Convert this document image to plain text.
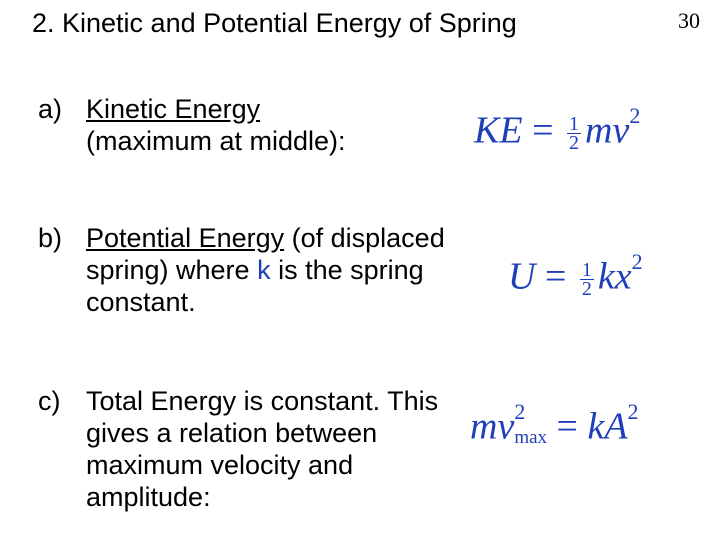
2. Kinetic and Potential Energy of Spring	30
a) Kinetic Energy
(maximum at middle):
b) Potential Energy (of displaced spring) where k is the spring constant.
c) Total Energy is constant. This gives a relation between maximum velocity and amplitude:
KE = $\frac{1}{2} mv^2$
$U = \frac{1}{2} kx^2$
mv 2
$\max = kA^2$
